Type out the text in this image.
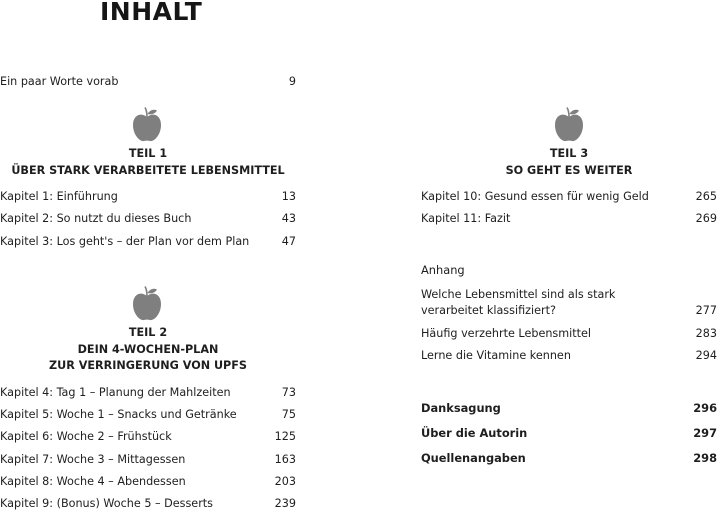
INHALT
Ein paar Worte vorab	9
TEIL 1
ÜBER STARK VERARBEITETE LEBENSMITTEL
Kapitel 1: Einführung	13
Kapitel 2: So nutzt du dieses Buch	43
Kapitel 3: Los geht's – der Plan vor dem Plan	47
TEIL 2
DEIN 4-WOCHEN-PLAN
ZUR VERRINGERUNG VON UPFS
Kapitel 4: Tag 1 – Planung der Mahlzeiten	73
Kapitel 5: Woche 1 – Snacks und Getränke	75
Kapitel 6: Woche 2 – Frühstück	125
Kapitel 7: Woche 3 – Mittagessen	163
Kapitel 8: Woche 4 – Abendessen	203
Kapitel 9: (Bonus) Woche 5 – Desserts	239
TEIL 3
SO GEHT ES WEITER
Kapitel 10: Gesund essen für wenig Geld	265
Kapitel 11: Fazit	269
Anhang
Welche Lebensmittel sind als stark verarbeitet klassifiziert?	277
Häufig verzehrte Lebensmittel	283
Lerne die Vitamine kennen	294
Danksagung	296
Über die Autorin	297
Quellenangaben	298
